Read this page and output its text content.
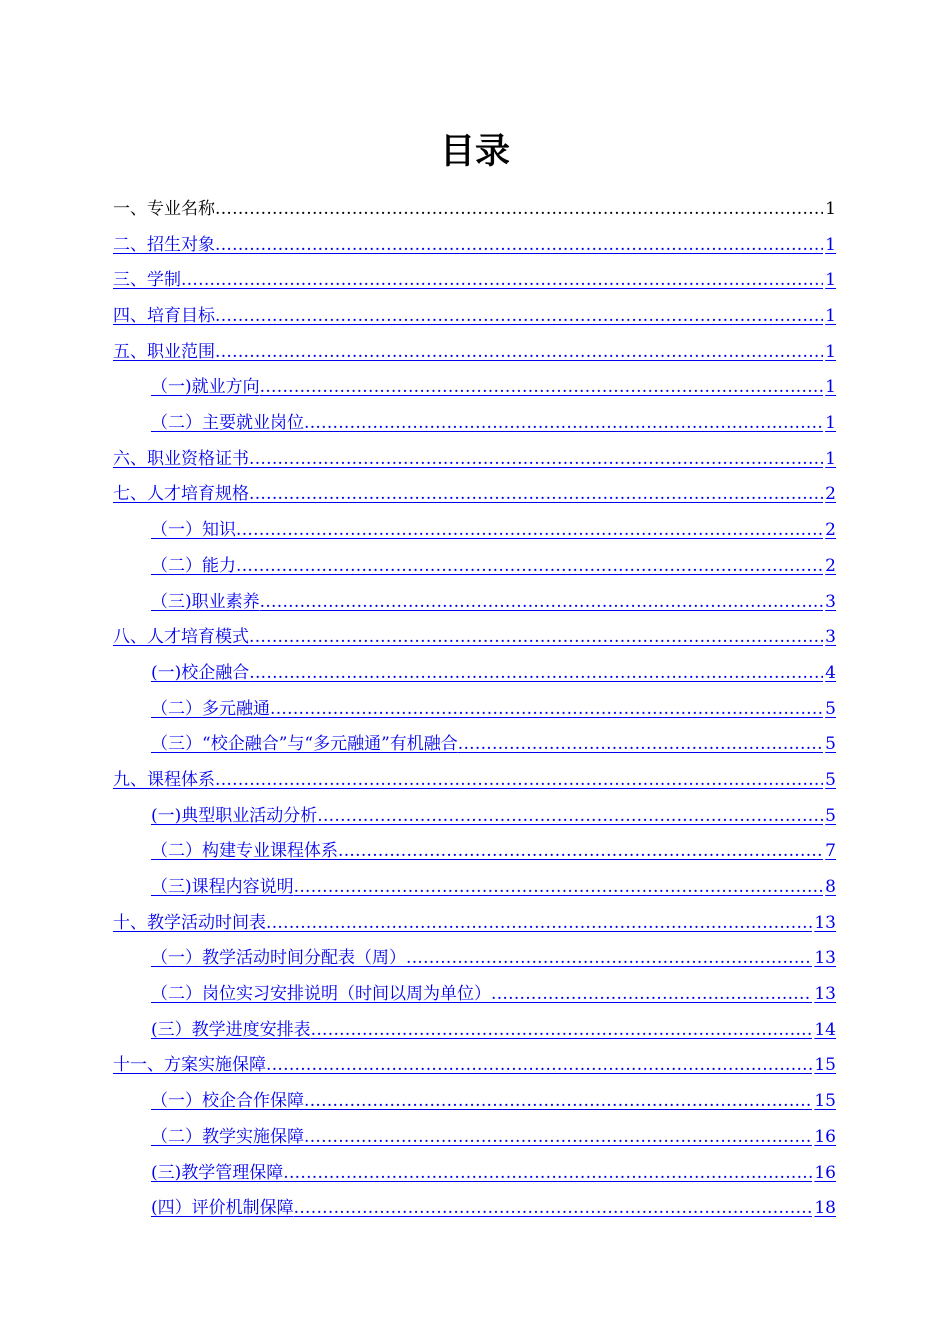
目录
一、专业名称 .....	1
二、招生对象 .....	1
三、学制 .....	1
四、培育目标 .....	1
五、职业范围 .....	1
（一)就业方向 .....	1
（二）主要就业岗位 .....	1
六、职业资格证书 .....	1
七、人才培育规格 .....	2
（一）知识 .....	2
（二）能力 .....	2
（三)职业素养 .....	3
八、人才培育模式 .....	3
(一)校企融合 .....	4
（二）多元融通 .....	5
（三）“校企融合”与“多元融通”有机融合 .....	5
九、课程体系 .....	5
(一)典型职业活动分析 .....	5
（二）构建专业课程体系 .....	7
（三)课程内容说明 .....	8
十、教学活动时间表 .....	13
（一）教学活动时间分配表（周） .....	13
（二）岗位实习安排说明（时间以周为单位） .....	13
(三）教学进度安排表 .....	14
十一、方案实施保障 .....	15
（一）校企合作保障 .....	15
（二）教学实施保障 .....	16
(三)教学管理保障 .....	16
(四）评价机制保障 .....	18
